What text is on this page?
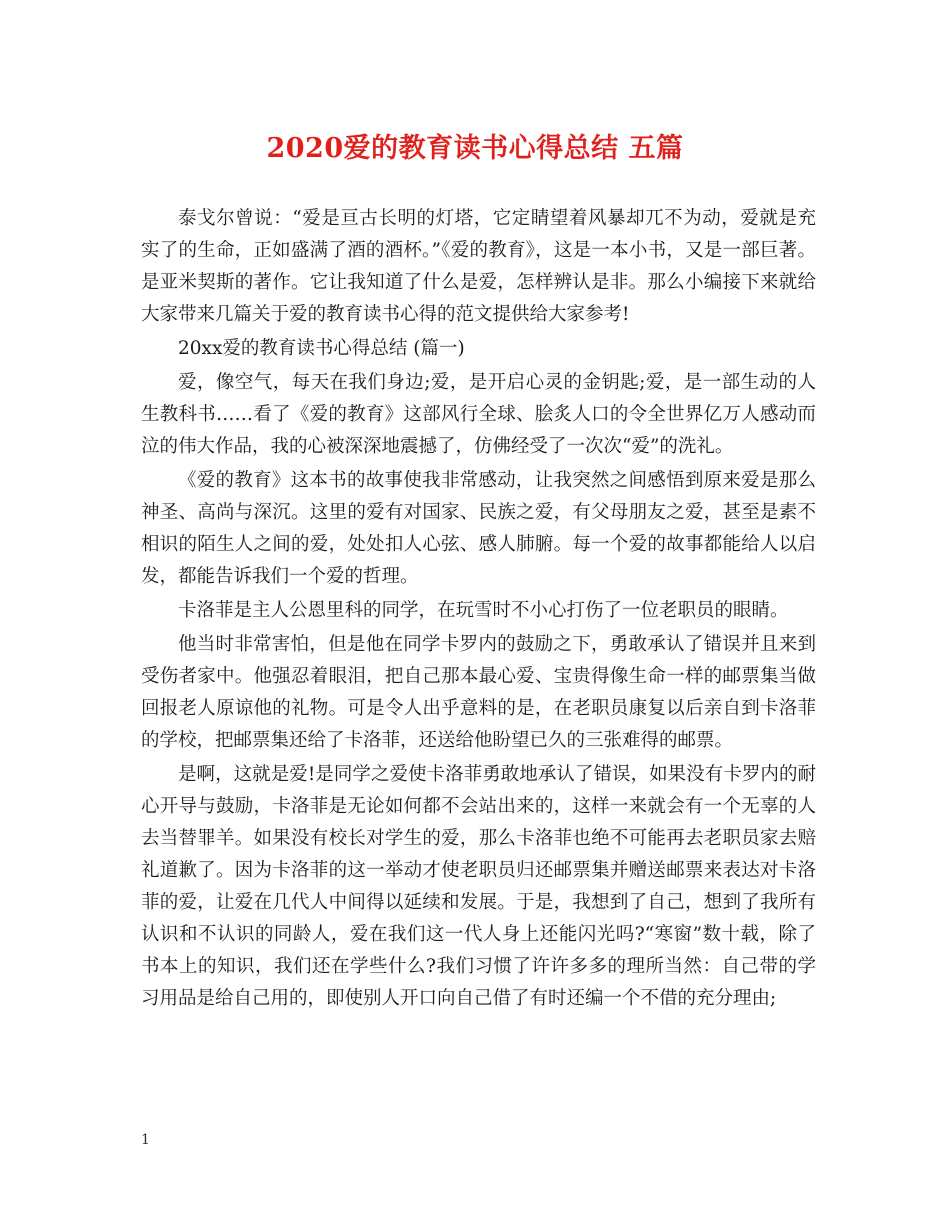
2020爱的教育读书心得总结 五篇

泰戈尔曾说：“爱是亘古长明的灯塔，它定睛望着风暴却兀不为动，爱就是充实了的生命，正如盛满了酒的酒杯。”《爱的教育》，这是一本小书，又是一部巨著。是亚米契斯的著作。它让我知道了什么是爱，怎样辨认是非。那么小编接下来就给大家带来几篇关于爱的教育读书心得的范文提供给大家参考!

20xx爱的教育读书心得总结 (篇一)

爱，像空气，每天在我们身边;爱，是开启心灵的金钥匙;爱，是一部生动的人生教科书……看了《爱的教育》这部风行全球、脍炙人口的令全世界亿万人感动而泣的伟大作品，我的心被深深地震撼了，仿佛经受了一次次“爱”的洗礼。

《爱的教育》这本书的故事使我非常感动，让我突然之间感悟到原来爱是那么神圣、高尚与深沉。这里的爱有对国家、民族之爱，有父母朋友之爱，甚至是素不相识的陌生人之间的爱，处处扣人心弦、感人肺腑。每一个爱的故事都能给人以启发，都能告诉我们一个爱的哲理。

卡洛菲是主人公恩里科的同学，在玩雪时不小心打伤了一位老职员的眼睛。

他当时非常害怕，但是他在同学卡罗内的鼓励之下，勇敢承认了错误并且来到受伤者家中。他强忍着眼泪，把自己那本最心爱、宝贵得像生命一样的邮票集当做回报老人原谅他的礼物。可是令人出乎意料的是，在老职员康复以后亲自到卡洛菲的学校，把邮票集还给了卡洛菲，还送给他盼望已久的三张难得的邮票。

是啊，这就是爱!是同学之爱使卡洛菲勇敢地承认了错误，如果没有卡罗内的耐心开导与鼓励，卡洛菲是无论如何都不会站出来的，这样一来就会有一个无辜的人去当替罪羊。如果没有校长对学生的爱，那么卡洛菲也绝不可能再去老职员家去赔礼道歉了。因为卡洛菲的这一举动才使老职员归还邮票集并赠送邮票来表达对卡洛菲的爱，让爱在几代人中间得以延续和发展。于是，我想到了自己，想到了我所有认识和不认识的同龄人，爱在我们这一代人身上还能闪光吗?“寒窗”数十载，除了书本上的知识，我们还在学些什么?我们习惯了许许多多的理所当然：自己带的学习用品是给自己用的，即使别人开口向自己借了有时还编一个不借的充分理由;

1
